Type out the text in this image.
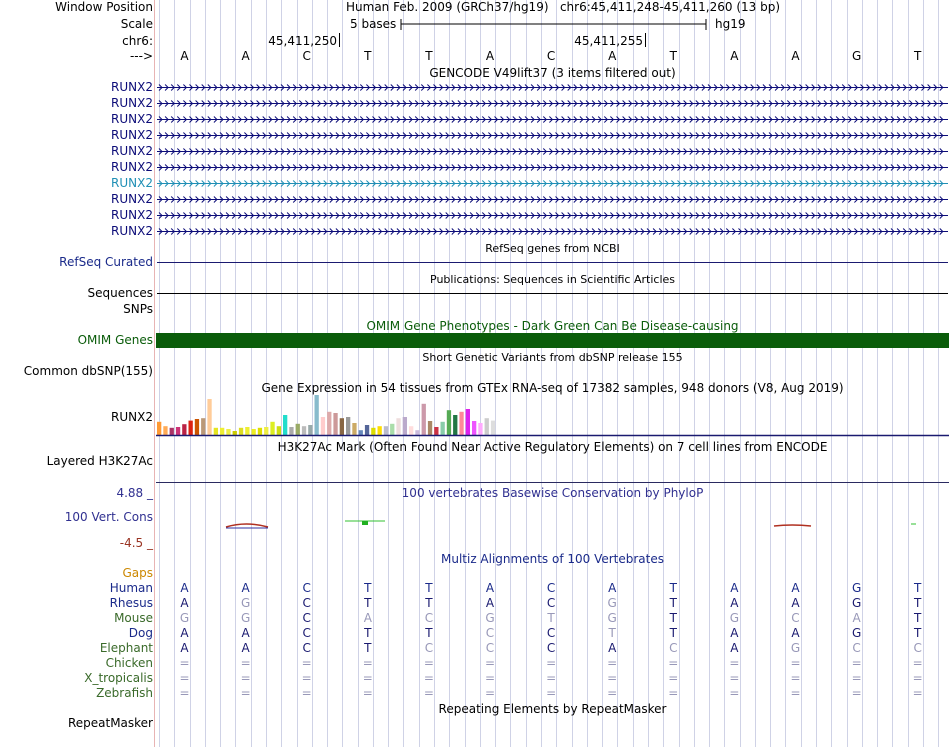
Window Position	Human Feb. 2009 (GRCh37/hg19)   chr6:45,411,248-45,411,260 (13 bp)
Scale	5 bases	hg19
chr6:	45,411,250	45,411,255
--->	A	A	C	T	T	A	C	A	T	A	A	G	T
GENCODE V49lift37 (3 items filtered out)
RUNX2
RUNX2
RUNX2
RUNX2
RUNX2
RUNX2
RUNX2
RUNX2
RUNX2
RUNX2
RefSeq genes from NCBI
RefSeq Curated
Publications: Sequences in Scientific Articles
Sequences
SNPs
OMIM Gene Phenotypes - Dark Green Can Be Disease-causing
OMIM Genes
Short Genetic Variants from dbSNP release 155
Common dbSNP(155)
Gene Expression in 54 tissues from GTEx RNA-seq of 17382 samples, 948 donors (V8, Aug 2019)
RUNX2
H3K27Ac Mark (Often Found Near Active Regulatory Elements) on 7 cell lines from ENCODE
Layered H3K27Ac
4.88 _	100 vertebrates Basewise Conservation by PhyloP
100 Vert. Cons
-4.5 _
Multiz Alignments of 100 Vertebrates
Gaps
Human	A	A	C	T	T	A	C	A	T	A	A	G	T
Rhesus	A	G	C	T	T	A	C	G	T	A	A	G	T
Mouse	G	G	C	A	C	G	T	G	T	G	C	A	T
Dog	A	A	C	T	T	C	C	T	T	A	A	G	T
Elephant	A	A	C	T	C	C	C	A	C	A	G	C	C
Chicken	=	=	=	=	=	=	=	=	=	=	=	=	=
X_tropicalis	=	=	=	=	=	=	=	=	=	=	=	=	=
Zebrafish	=	=	=	=	=	=	=	=	=	=	=	=	=
Repeating Elements by RepeatMasker
RepeatMasker
